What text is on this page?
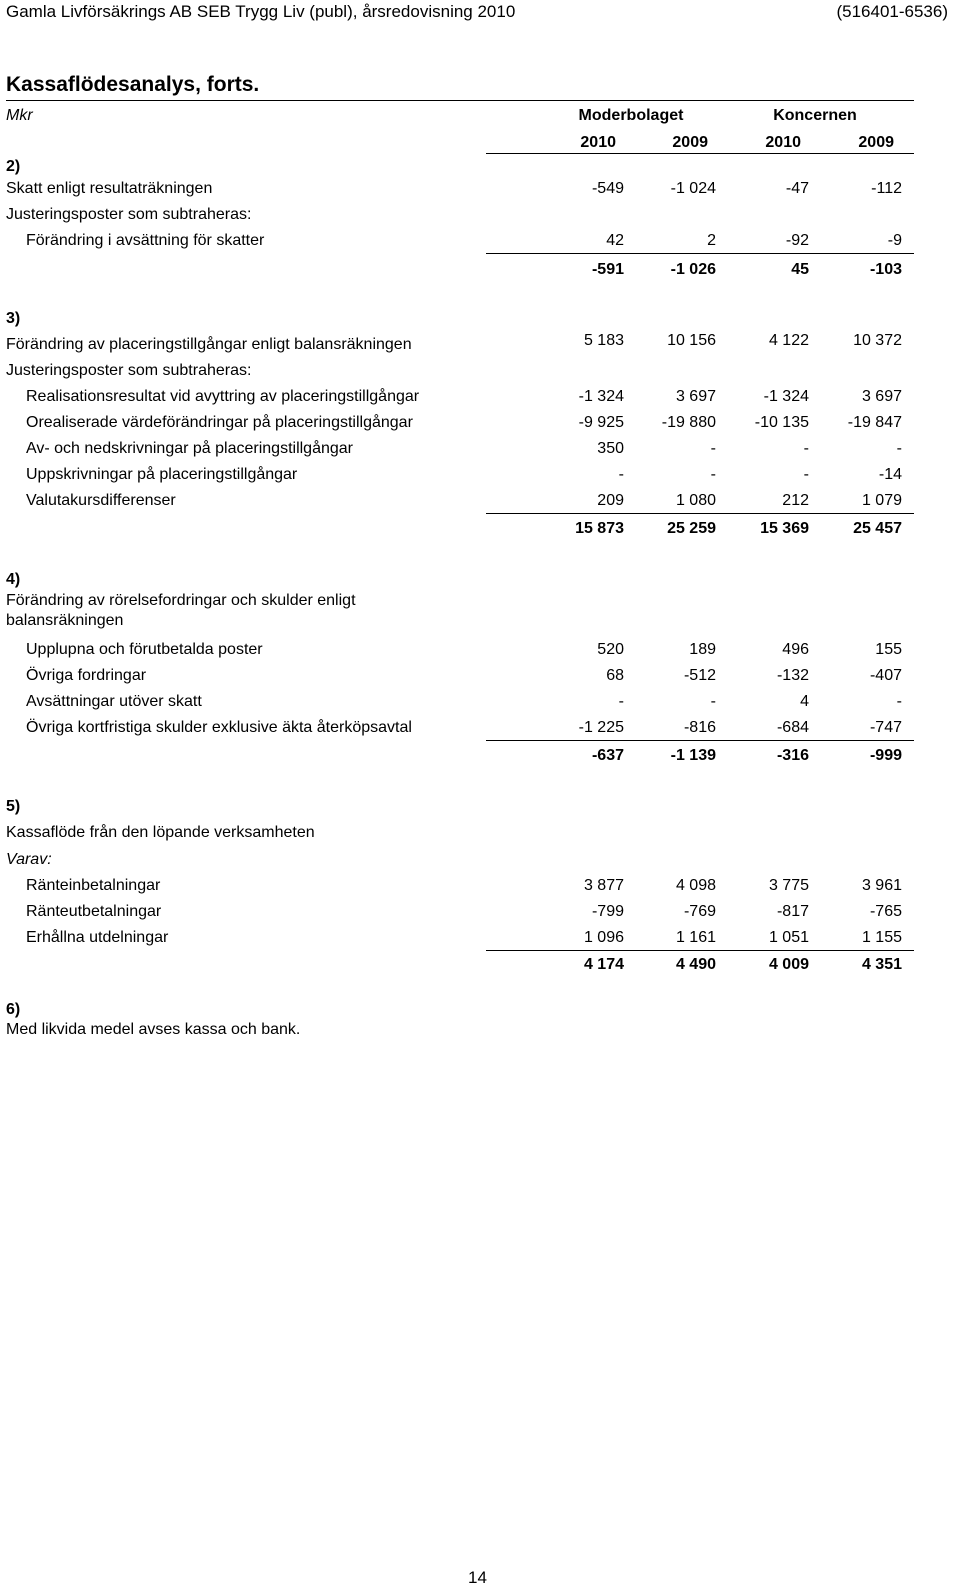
Gamla Livförsäkrings AB SEB Trygg Liv (publ), årsredovisning 2010	(516401-6536)
Kassaflödesanalys, forts.
Mkr	Moderbolaget	Koncernen
2010	2009	2010	2009
2)
Skatt enligt resultaträkningen	-549	-1 024	-47	-112
Justeringsposter som subtraheras:
Förändring i avsättning för skatter	42	2	-92	-9
-591	-1 026	45	-103
3)
Förändring av placeringstillgångar enligt balansräkningen	5 183	10 156	4 122	10 372
Justeringsposter som subtraheras:
Realisationsresultat vid avyttring av placeringstillgångar	-1 324	3 697	-1 324	3 697
Orealiserade värdeförändringar på placeringstillgångar	-9 925	-19 880	-10 135	-19 847
Av- och nedskrivningar på placeringstillgångar	350	-	-	-
Uppskrivningar på placeringstillgångar	-	-	-	-14
Valutakursdifferenser	209	1 080	212	1 079
15 873	25 259	15 369	25 457
4)
Förändring av rörelsefordringar och skulder enligt balansräkningen
Upplupna och förutbetalda poster	520	189	496	155
Övriga fordringar	68	-512	-132	-407
Avsättningar utöver skatt	-	-	4	-
Övriga kortfristiga skulder exklusive äkta återköpsavtal	-1 225	-816	-684	-747
-637	-1 139	-316	-999
5)
Kassaflöde från den löpande verksamheten
Varav:
Ränteinbetalningar	3 877	4 098	3 775	3 961
Ränteutbetalningar	-799	-769	-817	-765
Erhållna utdelningar	1 096	1 161	1 051	1 155
4 174	4 490	4 009	4 351
6)
Med likvida medel avses kassa och bank.
14
